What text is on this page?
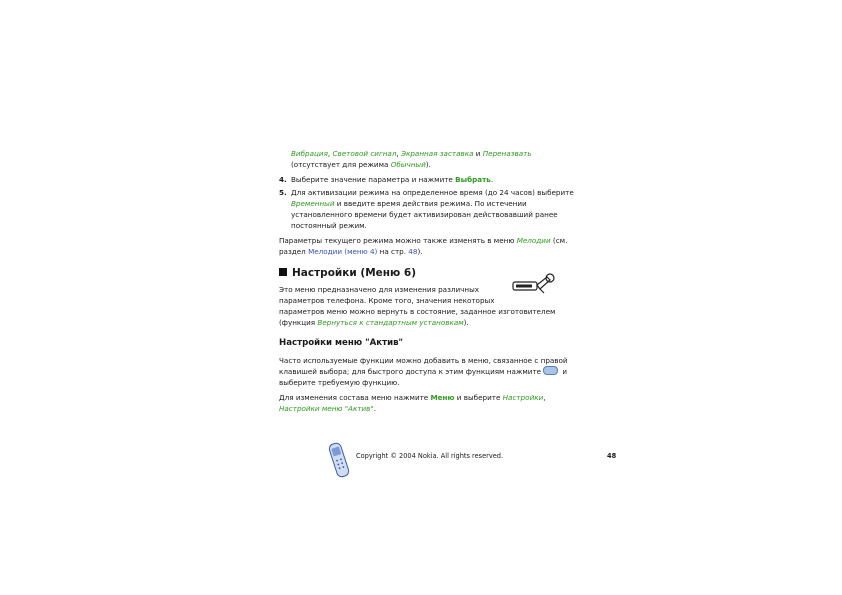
Вибрация, Световой сигнал, Экранная заставка и Переназвать
(отсутствует для режима Обычный).
4. Выберите значение параметра и нажмите Выбрать.
5. Для активизации режима на определенное время (до 24 часов) выберите
Временный и введите время действия режима. По истечении
установленного времени будет активизирован действовавший ранее
постоянный режим.
Параметры текущего режима можно также изменять в меню Мелодии (см.
раздел Мелодии (меню 4) на стр. 48).
Настройки (Меню 6)
Это меню предназначено для изменения различных
параметров телефона. Кроме того, значения некоторых
параметров меню можно вернуть в состояние, заданное изготовителем
(функция Вернуться к стандартным установкам).
Настройки меню "Актив"
Часто используемые функции можно добавить в меню, связанное с правой
клавишей выбора; для быстрого доступа к этим функциям нажмите	и
выберите требуемую функцию.
Для изменения состава меню нажмите Меню и выберите Настройки,
Настройки меню "Актив".
Copyright © 2004 Nokia. All rights reserved.	48
